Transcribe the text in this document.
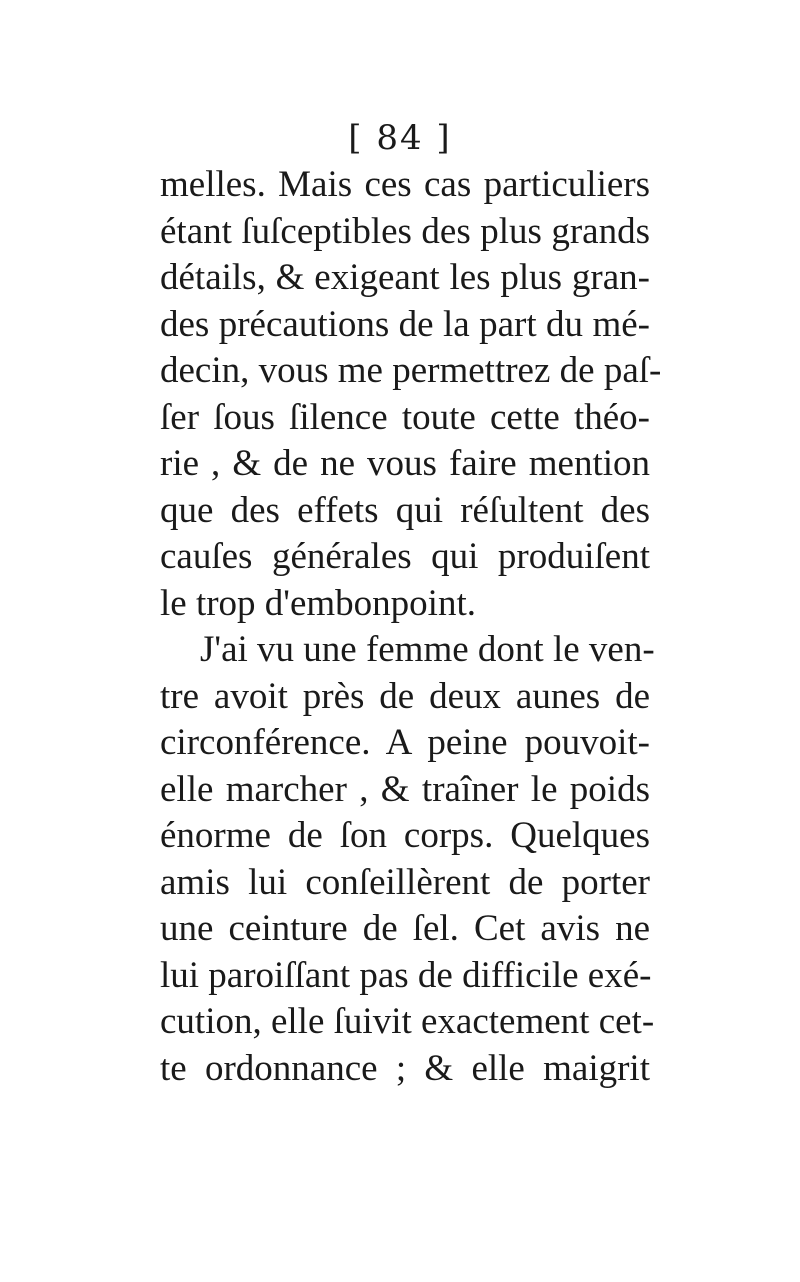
[ 84 ]
melles. Mais ces cas particuliers
étant ſuſceptibles des plus grands
détails, & exigeant les plus gran-
des précautions de la part du mé-
decin, vous me permettrez de paſ-
ſer ſous ſilence toute cette théo-
rie , & de ne vous faire mention
que des effets qui réſultent des
cauſes générales qui produiſent
le trop d'embonpoint.
J'ai vu une femme dont le ven-
tre avoit près de deux aunes de
circonférence. A peine pouvoit-
elle marcher , & traîner le poids
énorme de ſon corps. Quelques
amis lui conſeillèrent de porter
une ceinture de ſel. Cet avis ne
lui paroiſſant pas de difficile exé-
cution, elle ſuivit exactement cet-
te ordonnance ; & elle maigrit
